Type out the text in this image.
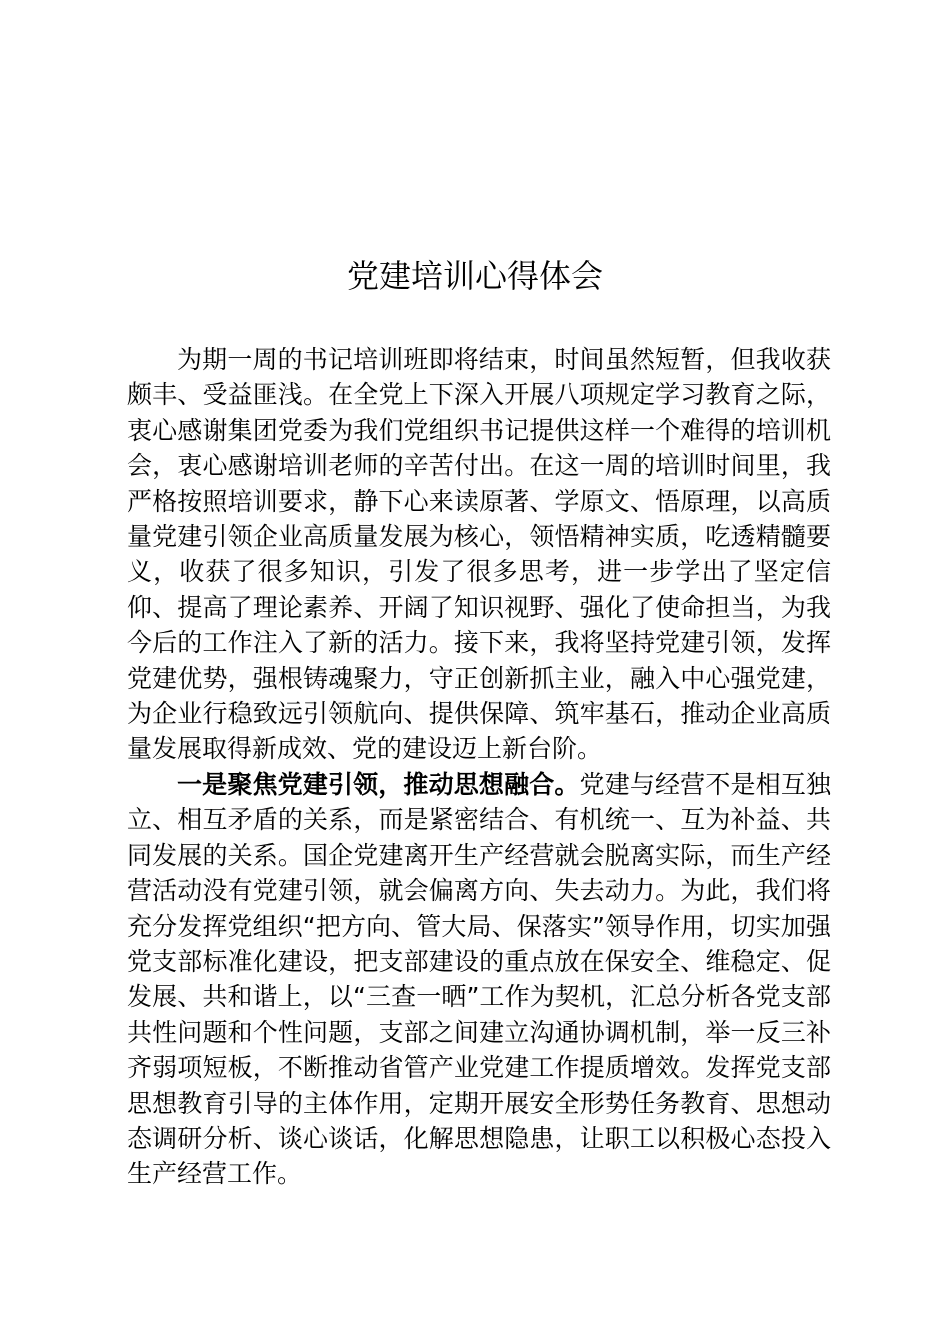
党建培训心得体会

为期一周的书记培训班即将结束，时间虽然短暂，但我收获颇丰、受益匪浅。在全党上下深入开展八项规定学习教育之际，衷心感谢集团党委为我们党组织书记提供这样一个难得的培训机会，衷心感谢培训老师的辛苦付出。在这一周的培训时间里，我严格按照培训要求，静下心来读原著、学原文、悟原理，以高质量党建引领企业高质量发展为核心，领悟精神实质，吃透精髓要义，收获了很多知识，引发了很多思考，进一步学出了坚定信仰、提高了理论素养、开阔了知识视野、强化了使命担当，为我今后的工作注入了新的活力。接下来，我将坚持党建引领，发挥党建优势，强根铸魂聚力，守正创新抓主业，融入中心强党建，为企业行稳致远引领航向、提供保障、筑牢基石，推动企业高质量发展取得新成效、党的建设迈上新台阶。

一是聚焦党建引领，推动思想融合。党建与经营不是相互独立、相互矛盾的关系，而是紧密结合、有机统一、互为补益、共同发展的关系。国企党建离开生产经营就会脱离实际，而生产经营活动没有党建引领，就会偏离方向、失去动力。为此，我们将充分发挥党组织“把方向、管大局、保落实”领导作用，切实加强党支部标准化建设，把支部建设的重点放在保安全、维稳定、促发展、共和谐上，以“三查一晒”工作为契机，汇总分析各党支部共性问题和个性问题，支部之间建立沟通协调机制，举一反三补齐弱项短板，不断推动省管产业党建工作提质增效。发挥党支部思想教育引导的主体作用，定期开展安全形势任务教育、思想动态调研分析、谈心谈话，化解思想隐患，让职工以积极心态投入生产经营工作。
